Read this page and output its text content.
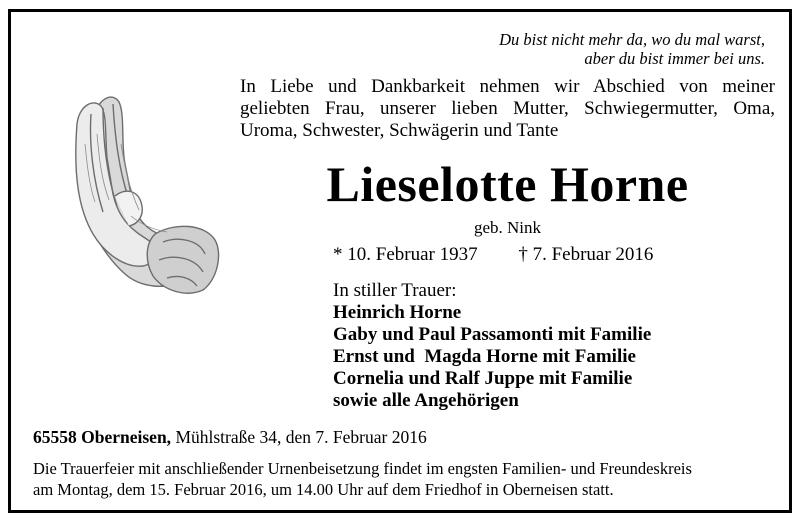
Du bist nicht mehr da, wo du mal warst,
aber du bist immer bei uns.
In Liebe und Dankbarkeit nehmen wir Abschied von meiner
geliebten Frau, unserer lieben Mutter, Schwiegermutter, Oma,
Uroma, Schwester, Schwägerin und Tante
Lieselotte Horne
geb. Nink
* 10. Februar 1937 † 7. Februar 2016
In stiller Trauer:
Heinrich Horne
Gaby und Paul Passamonti mit Familie
Ernst und  Magda Horne mit Familie
Cornelia und Ralf Juppe mit Familie
sowie alle Angehörigen
65558 Oberneisen, Mühlstraße 34, den 7. Februar 2016
Die Trauerfeier mit anschließender Urnenbeisetzung findet im engsten Familien- und Freundeskreis
am Montag, dem 15. Februar 2016, um 14.00 Uhr auf dem Friedhof in Oberneisen statt.
